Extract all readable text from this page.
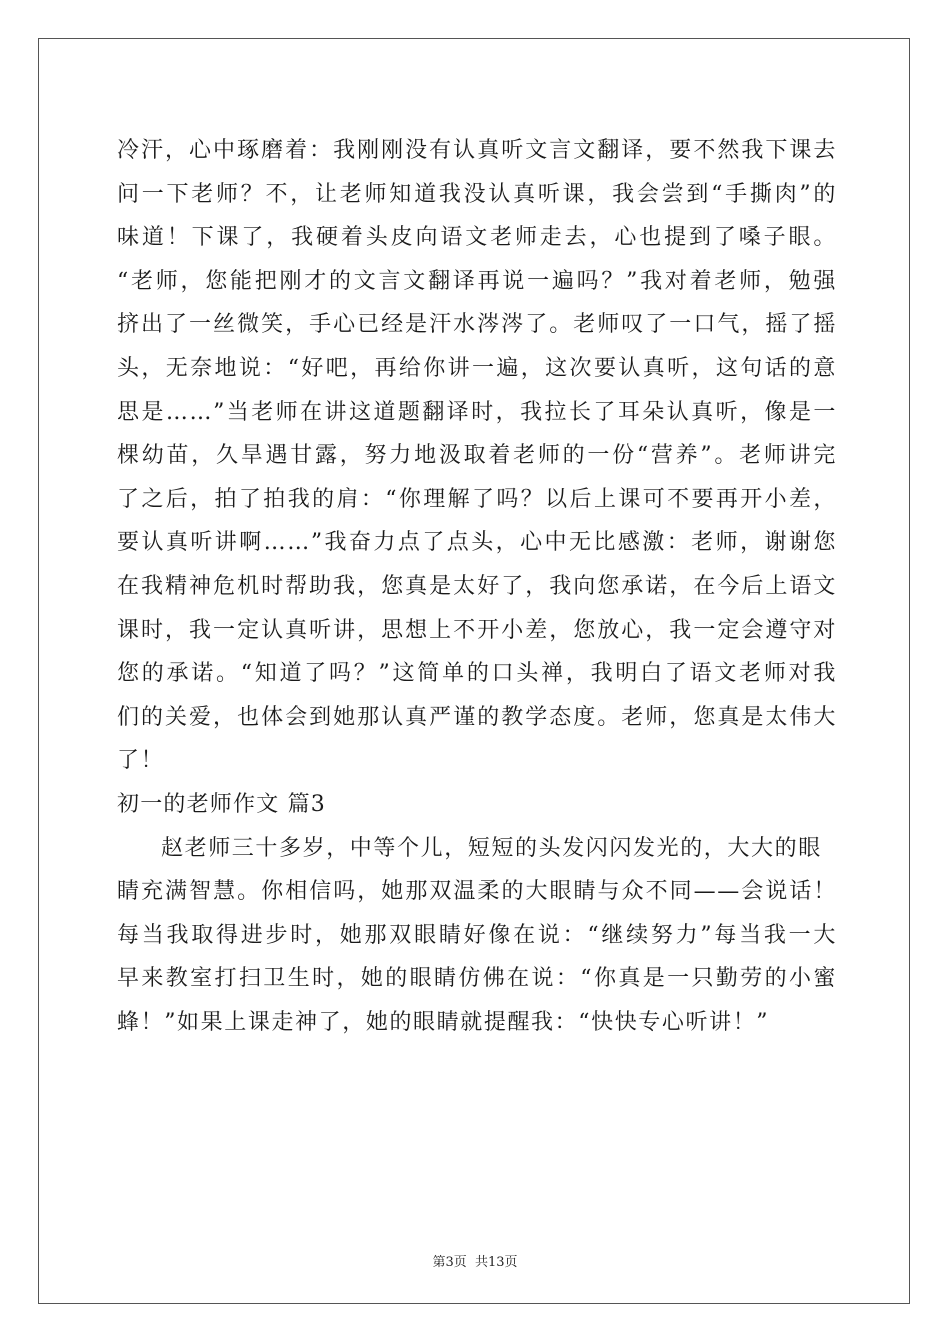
冷汗，心中琢磨着：我刚刚没有认真听文言文翻译，要不然我下课去
问一下老师？不，让老师知道我没认真听课，我会尝到“手撕肉”的
味道！下课了，我硬着头皮向语文老师走去，心也提到了嗓子眼。
“老师，您能把刚才的文言文翻译再说一遍吗？”我对着老师，勉强
挤出了一丝微笑，手心已经是汗水涔涔了。老师叹了一口气，摇了摇
头，无奈地说：“好吧，再给你讲一遍，这次要认真听，这句话的意
思是……”当老师在讲这道题翻译时，我拉长了耳朵认真听，像是一
棵幼苗，久旱遇甘露，努力地汲取着老师的一份“营养”。老师讲完
了之后，拍了拍我的肩：“你理解了吗？以后上课可不要再开小差，
要认真听讲啊……”我奋力点了点头，心中无比感激：老师，谢谢您
在我精神危机时帮助我，您真是太好了，我向您承诺，在今后上语文
课时，我一定认真听讲，思想上不开小差，您放心，我一定会遵守对
您的承诺。“知道了吗？”这简单的口头禅，我明白了语文老师对我
们的关爱，也体会到她那认真严谨的教学态度。老师，您真是太伟大
了！
初一的老师作文 篇3
赵老师三十多岁，中等个儿，短短的头发闪闪发光的，大大的眼
睛充满智慧。你相信吗，她那双温柔的大眼睛与众不同——会说话！
每当我取得进步时，她那双眼睛好像在说：“继续努力”每当我一大
早来教室打扫卫生时，她的眼睛仿佛在说：“你真是一只勤劳的小蜜
蜂！”如果上课走神了，她的眼睛就提醒我：“快快专心听讲！”
第3页 共13页
